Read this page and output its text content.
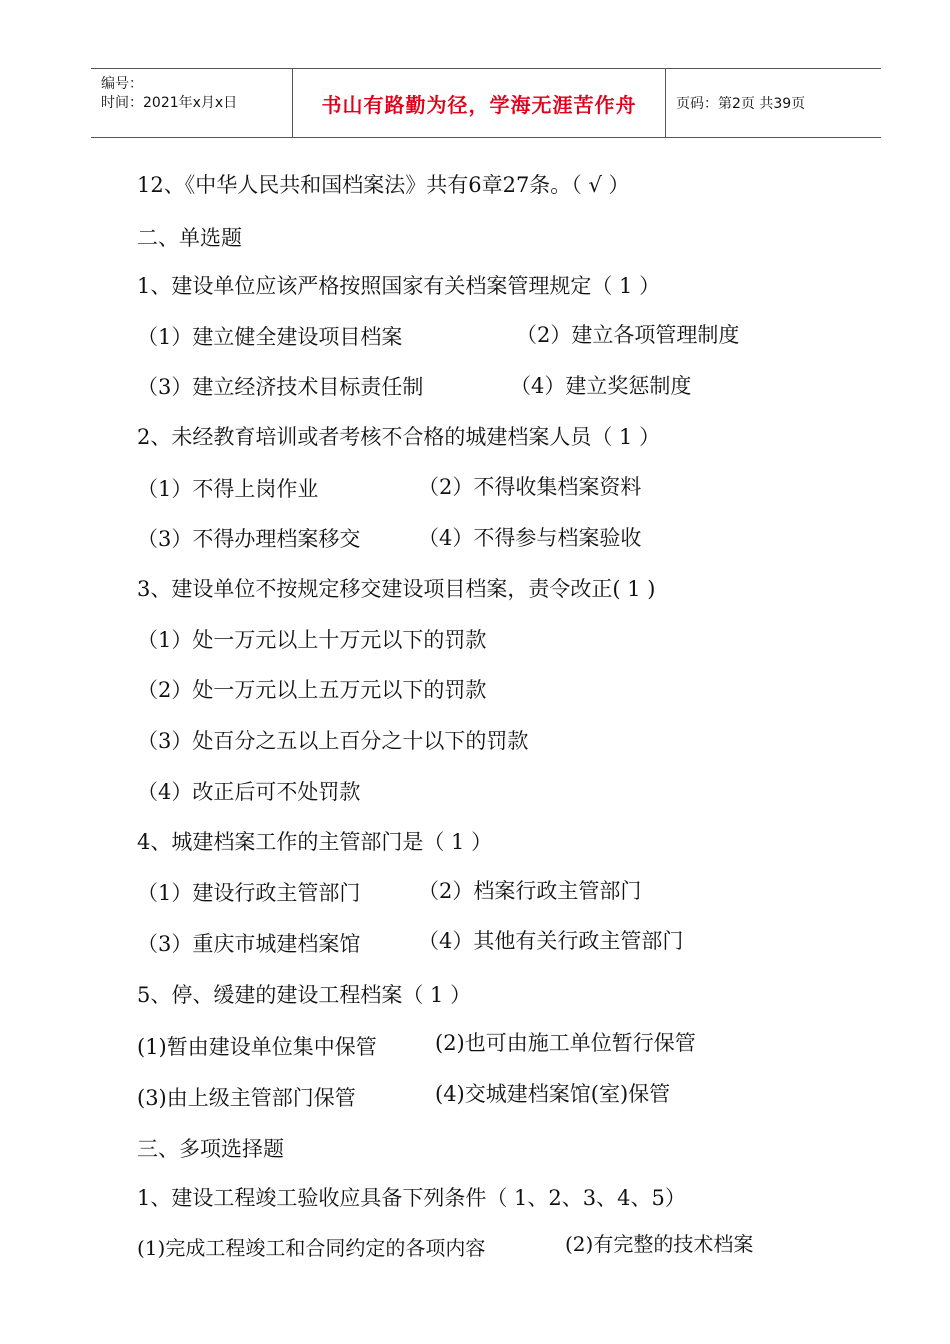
编号：
时间：2021年x月x日	书山有路勤为径，学海无涯苦作舟	页码：第2页 共39页
12、《中华人民共和国档案法》共有6章27条。（ √ ）
二、单选题
1、建设单位应该严格按照国家有关档案管理规定（ 1 ）
（1）建立健全建设项目档案	（2）建立各项管理制度
（3）建立经济技术目标责任制	（4）建立奖惩制度
2、未经教育培训或者考核不合格的城建档案人员（ 1 ）
（1）不得上岗作业	（2）不得收集档案资料
（3）不得办理档案移交	（4）不得参与档案验收
3、建设单位不按规定移交建设项目档案，责令改正( 1 )
（1）处一万元以上十万元以下的罚款
（2）处一万元以上五万元以下的罚款
（3）处百分之五以上百分之十以下的罚款
（4）改正后可不处罚款
4、城建档案工作的主管部门是（ 1 ）
（1）建设行政主管部门	（2）档案行政主管部门
（3）重庆市城建档案馆	（4）其他有关行政主管部门
5、停、缓建的建设工程档案（ 1 ）
(1)暂由建设单位集中保管	(2)也可由施工单位暂行保管
(3)由上级主管部门保管	(4)交城建档案馆(室)保管
三、多项选择题
1、建设工程竣工验收应具备下列条件（ 1、2、3、4、5）
(1)完成工程竣工和合同约定的各项内容	(2)有完整的技术档案
